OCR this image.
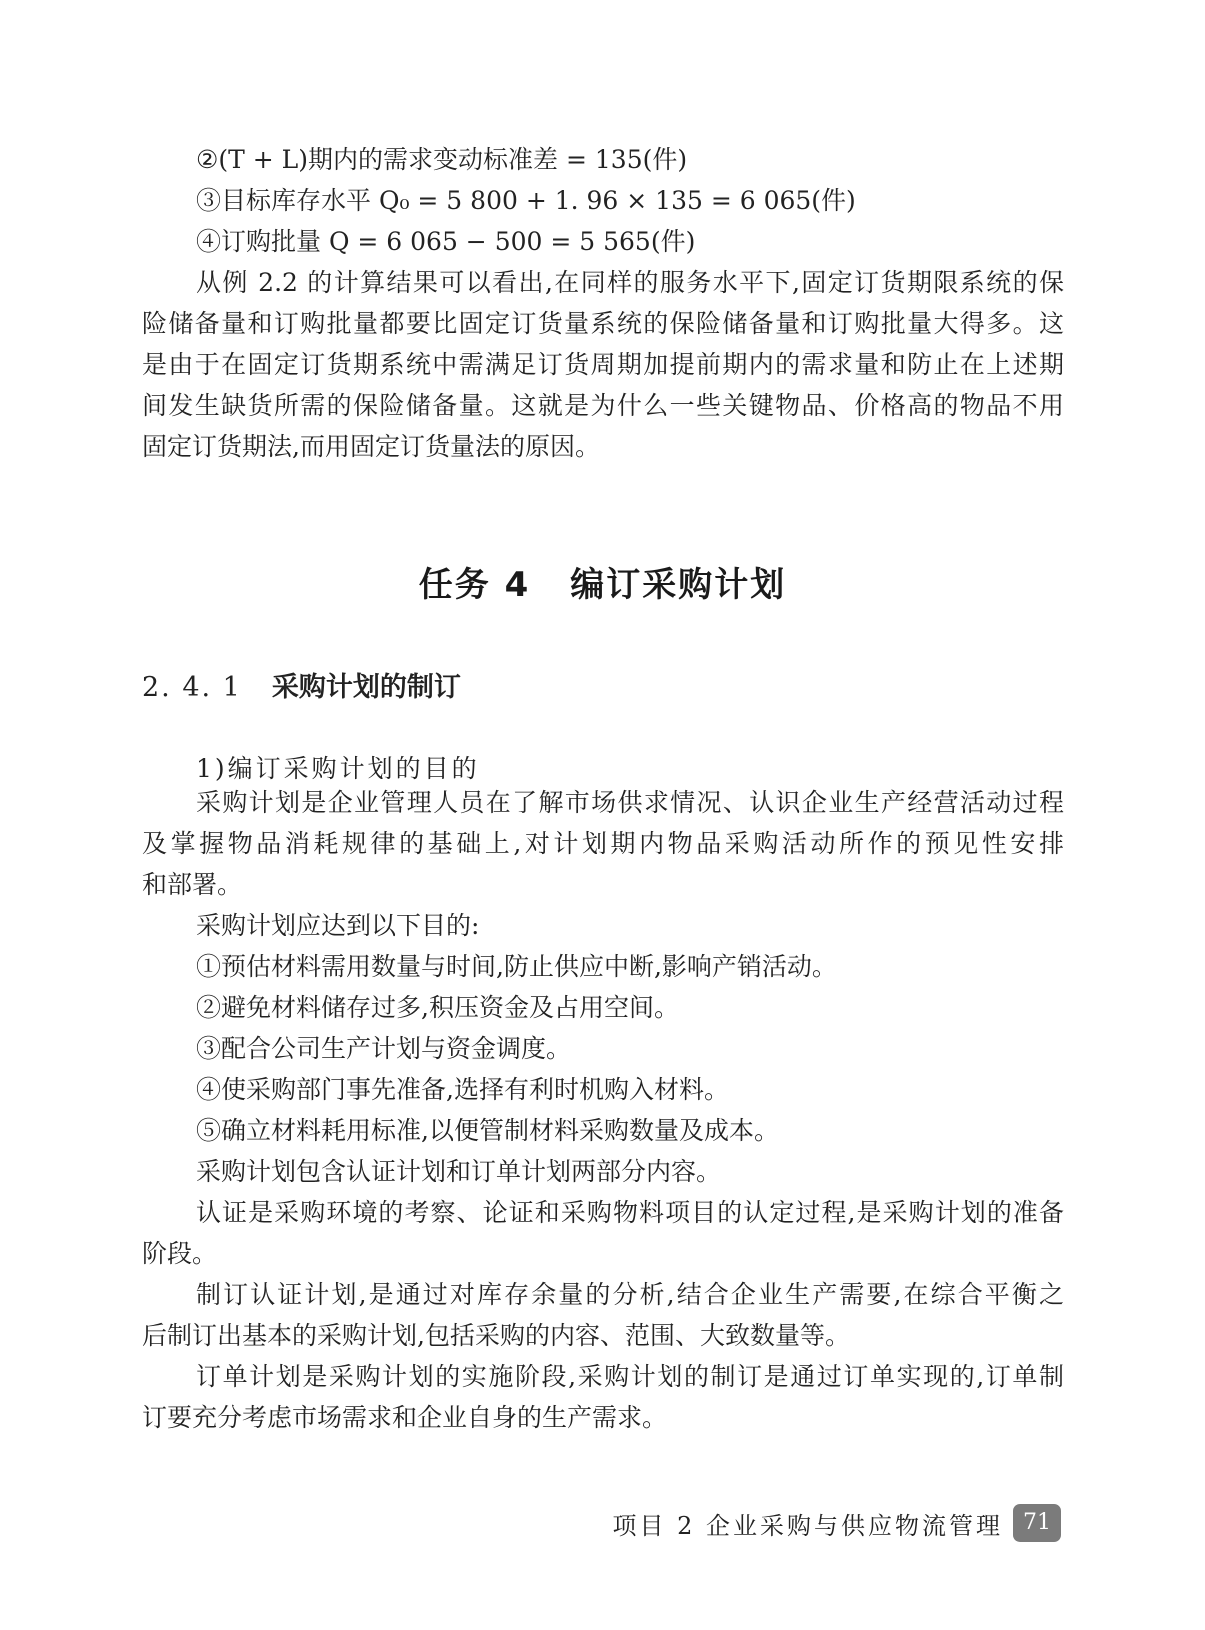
②(T + L)期内的需求变动标准差 = 135(件)
③目标库存水平 Q₀ = 5 800 + 1. 96 × 135 = 6 065(件)
④订购批量 Q = 6 065 − 500 = 5 565(件)
从例 2.2 的计算结果可以看出,在同样的服务水平下,固定订货期限系统的保
险储备量和订购批量都要比固定订货量系统的保险储备量和订购批量大得多。这
是由于在固定订货期系统中需满足订货周期加提前期内的需求量和防止在上述期
间发生缺货所需的保险储备量。这就是为什么一些关键物品、价格高的物品不用
固定订货期法,而用固定订货量法的原因。
任务 4 编订采购计划
2. 4. 1 采购计划的制订
1)编订采购计划的目的
采购计划是企业管理人员在了解市场供求情况、认识企业生产经营活动过程
及掌握物品消耗规律的基础上,对计划期内物品采购活动所作的预见性安排
和部署。
采购计划应达到以下目的:
①预估材料需用数量与时间,防止供应中断,影响产销活动。
②避免材料储存过多,积压资金及占用空间。
③配合公司生产计划与资金调度。
④使采购部门事先准备,选择有利时机购入材料。
⑤确立材料耗用标准,以便管制材料采购数量及成本。
采购计划包含认证计划和订单计划两部分内容。
认证是采购环境的考察、论证和采购物料项目的认定过程,是采购计划的准备
阶段。
制订认证计划,是通过对库存余量的分析,结合企业生产需要,在综合平衡之
后制订出基本的采购计划,包括采购的内容、范围、大致数量等。
订单计划是采购计划的实施阶段,采购计划的制订是通过订单实现的,订单制
订要充分考虑市场需求和企业自身的生产需求。
项目 2 企业采购与供应物流管理 71
